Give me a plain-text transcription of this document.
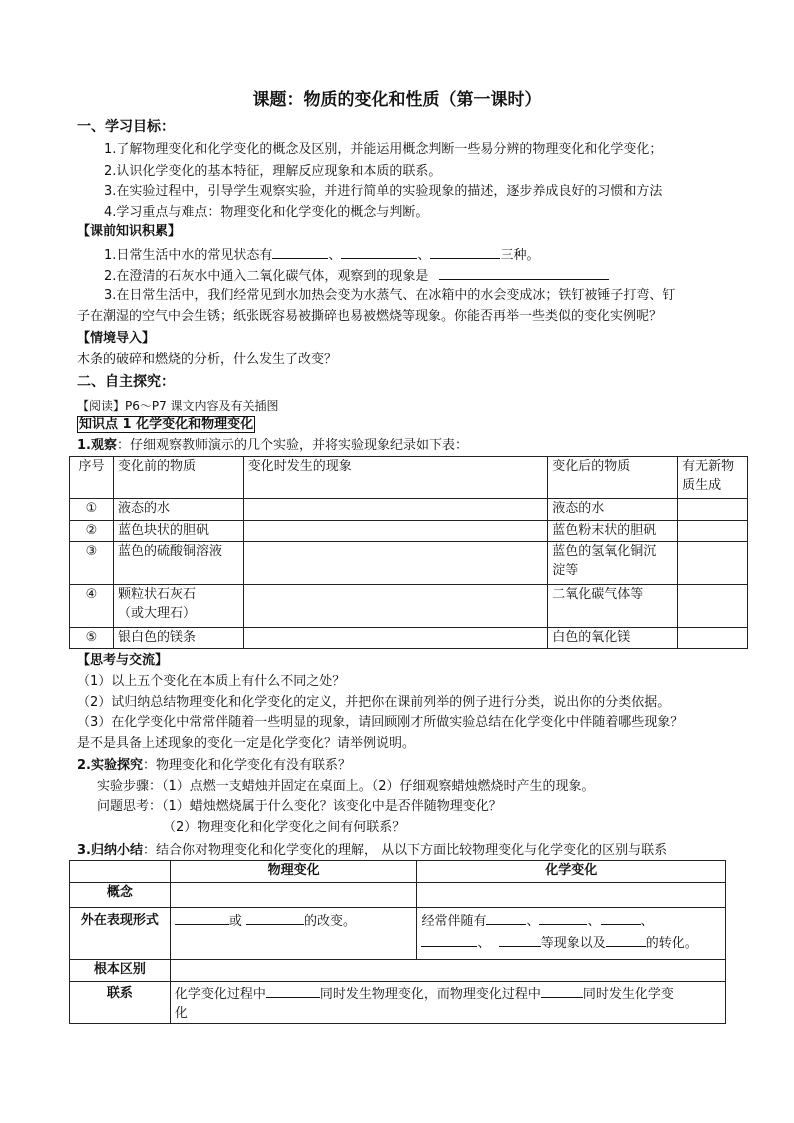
课题：物质的变化和性质（第一课时）
一、学习目标：
1.了解物理变化和化学变化的概念及区别，并能运用概念判断一些易分辨的物理变化和化学变化；
2.认识化学变化的基本特征，理解反应现象和本质的联系。
3.在实验过程中，引导学生观察实验，并进行简单的实验现象的描述，逐步养成良好的习惯和方法
4.学习重点与难点：物理变化和化学变化的概念与判断。
【课前知识积累】
1.日常生活中水的常见状态有	、	、	三种。
2.在澄清的石灰水中通入二氧化碳气体，观察到的现象是
3.在日常生活中，我们经常见到水加热会变为水蒸气、在冰箱中的水会变成冰；铁钉被锤子打弯、钉
子在潮湿的空气中会生锈；纸张既容易被撕碎也易被燃烧等现象。你能否再举一些类似的变化实例呢？
【情境导入】
木条的破碎和燃烧的分析，什么发生了改变？
二、自主探究：
【阅读】P6～P7 课文内容及有关插图
知识点 1 化学变化和物理变化
1.观察：仔细观察教师演示的几个实验，并将实验现象纪录如下表：
序号	变化前的物质	变化时发生的现象	变化后的物质	有无新物
质生成
①	液态的水		液态的水	
②	蓝色块状的胆矾		蓝色粉末状的胆矾	
③	蓝色的硫酸铜溶液		蓝色的氢氧化铜沉
淀等	
④	颗粒状石灰石
（或大理石）		二氧化碳气体等	
⑤	银白色的镁条		白色的氧化镁	
【思考与交流】
（1）以上五个变化在本质上有什么不同之处？
（2）试归纳总结物理变化和化学变化的定义，并把你在课前列举的例子进行分类，说出你的分类依据。
（3）在化学变化中常常伴随着一些明显的现象，请回顾刚才所做实验总结在化学变化中伴随着哪些现象？
是不是具备上述现象的变化一定是化学变化？请举例说明。
2.实验探究：物理变化和化学变化有没有联系？
实验步骤：（1）点燃一支蜡烛并固定在桌面上。（2）仔细观察蜡烛燃烧时产生的现象。
问题思考：（1）蜡烛燃烧属于什么变化？该变化中是否伴随物理变化？
（2）物理变化和化学变化之间有何联系？
3.归纳小结：结合你对物理变化和化学变化的理解， 从以下方面比较物理变化与化学变化的区别与联系
	物理变化	化学变化
概念		
外在表现形式	或 的改变。	经常伴随有 、 、 、
、 等现象以及 的转化。
根本区别		
联系	化学变化过程中 同时发生物理变化，而物理变化过程中 同时发生化学变
化	
